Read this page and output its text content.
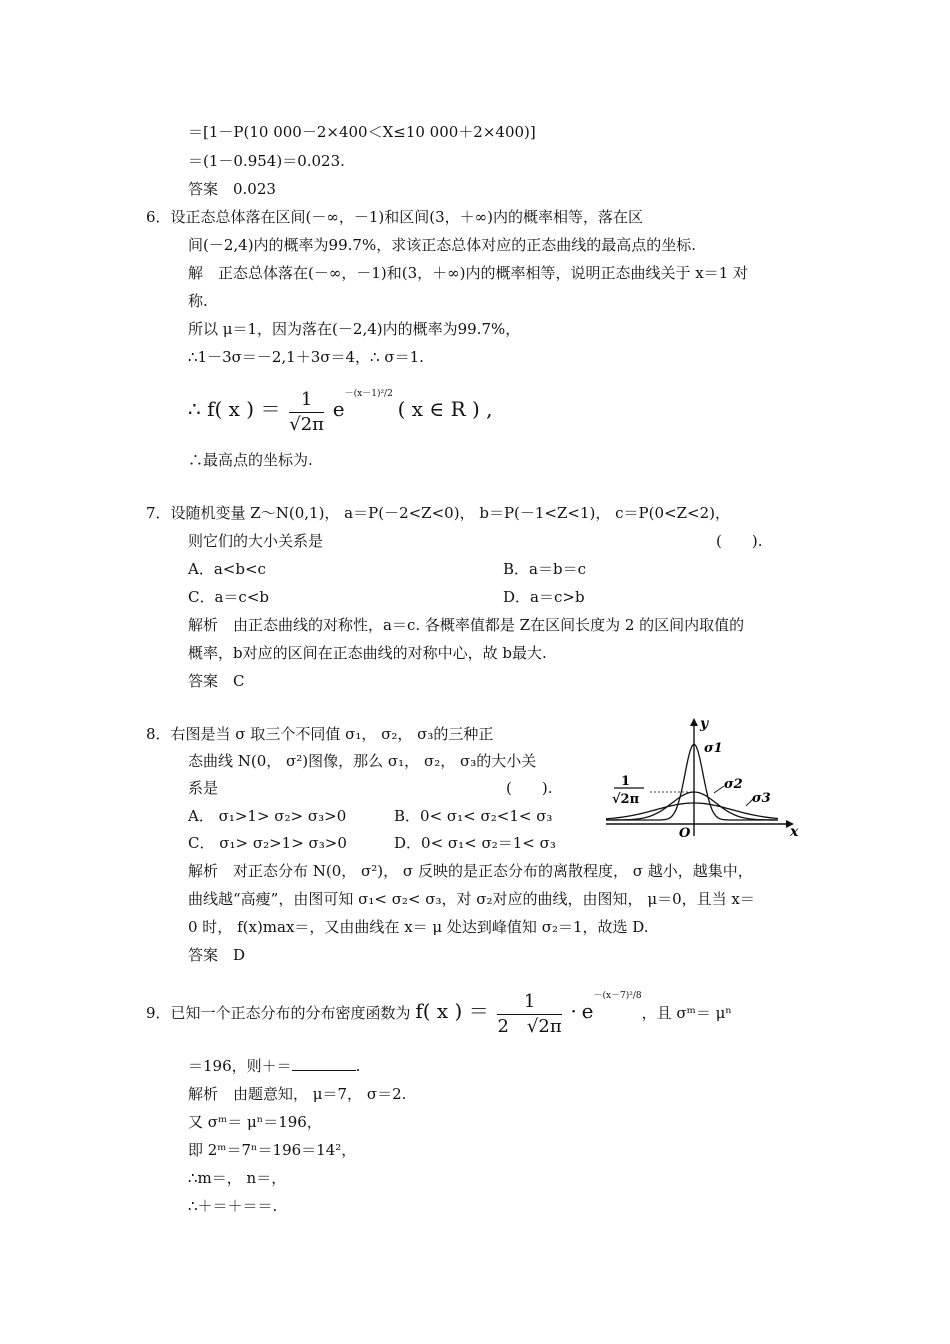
＝[1－P(10 000－2×400＜X≤10 000＋2×400)]
＝(1－0.954)＝0.023.
答案　0.023
6．设正态总体落在区间(－∞，－1)和区间(3，＋∞)内的概率相等，落在区
间(－2,4)内的概率为99.7%，求该正态总体对应的正态曲线的最高点的坐标.
解　正态总体落在(－∞，－1)和(3，＋∞)内的概率相等，说明正态曲线关于 x＝1 对
称.
所以 μ＝1，因为落在(－2,4)内的概率为99.7%，
∴1－3σ＝－2,1＋3σ＝4，∴ σ＝1.
∴ f( x ) ＝ $\frac{1}{√2\pi} e^{-(x-1)^2/2}$ ( x ∈ R ) ,
∴最高点的坐标为.
7．设随机变量 Z～N(0,1)， a＝P(－2<Z<0)， b＝P(－1<Z<1)， c＝P(0<Z<2)，
则它们的大小关系是	(　　).
A．a<b<c	B．a＝b＝c
C．a＝c<b	D．a＝c>b
解析　由正态曲线的对称性，a＝c. 各概率值都是 Z在区间长度为 2 的区间内取值的
概率，b对应的区间在正态曲线的对称中心，故 b最大.
答案　C
8．右图是当 σ 取三个不同值 σ₁， σ₂， σ₃的三种正
态曲线 N(0， σ²)图像，那么 σ₁， σ₂， σ₃的大小关
系是	(　　).
A． σ₁>1> σ₂> σ₃>0	B．0< σ₁< σ₂<1< σ₃
C． σ₁> σ₂>1> σ₃>0	D．0< σ₁< σ₂＝1< σ₃
y
x
O
1
√2π
σ1
σ2
σ3
解析　对正态分布 N(0， σ²)， σ 反映的是正态分布的离散程度， σ 越小，越集中，
曲线越“高瘦”，由图可知 σ₁< σ₂< σ₃，对 σ₂对应的曲线，由图知， μ＝0，且当 x＝
0 时， f(x)max＝，又由曲线在 x＝ μ 处达到峰值知 σ₂＝1，故选 D.
答案　D
9．已知一个正态分布的分布密度函数为 f( x ) ＝ $\frac{1}{2 √2\pi} \cdot e^{-(x-7)^2/8}$，且 σᵐ＝ μⁿ
＝196，则＋＝	.
解析　由题意知， μ＝7， σ＝2.
又 σᵐ＝ μⁿ＝196，
即 2ᵐ＝7ⁿ＝196＝14²，
∴m＝， n＝，
∴＋＝＋＝＝.
